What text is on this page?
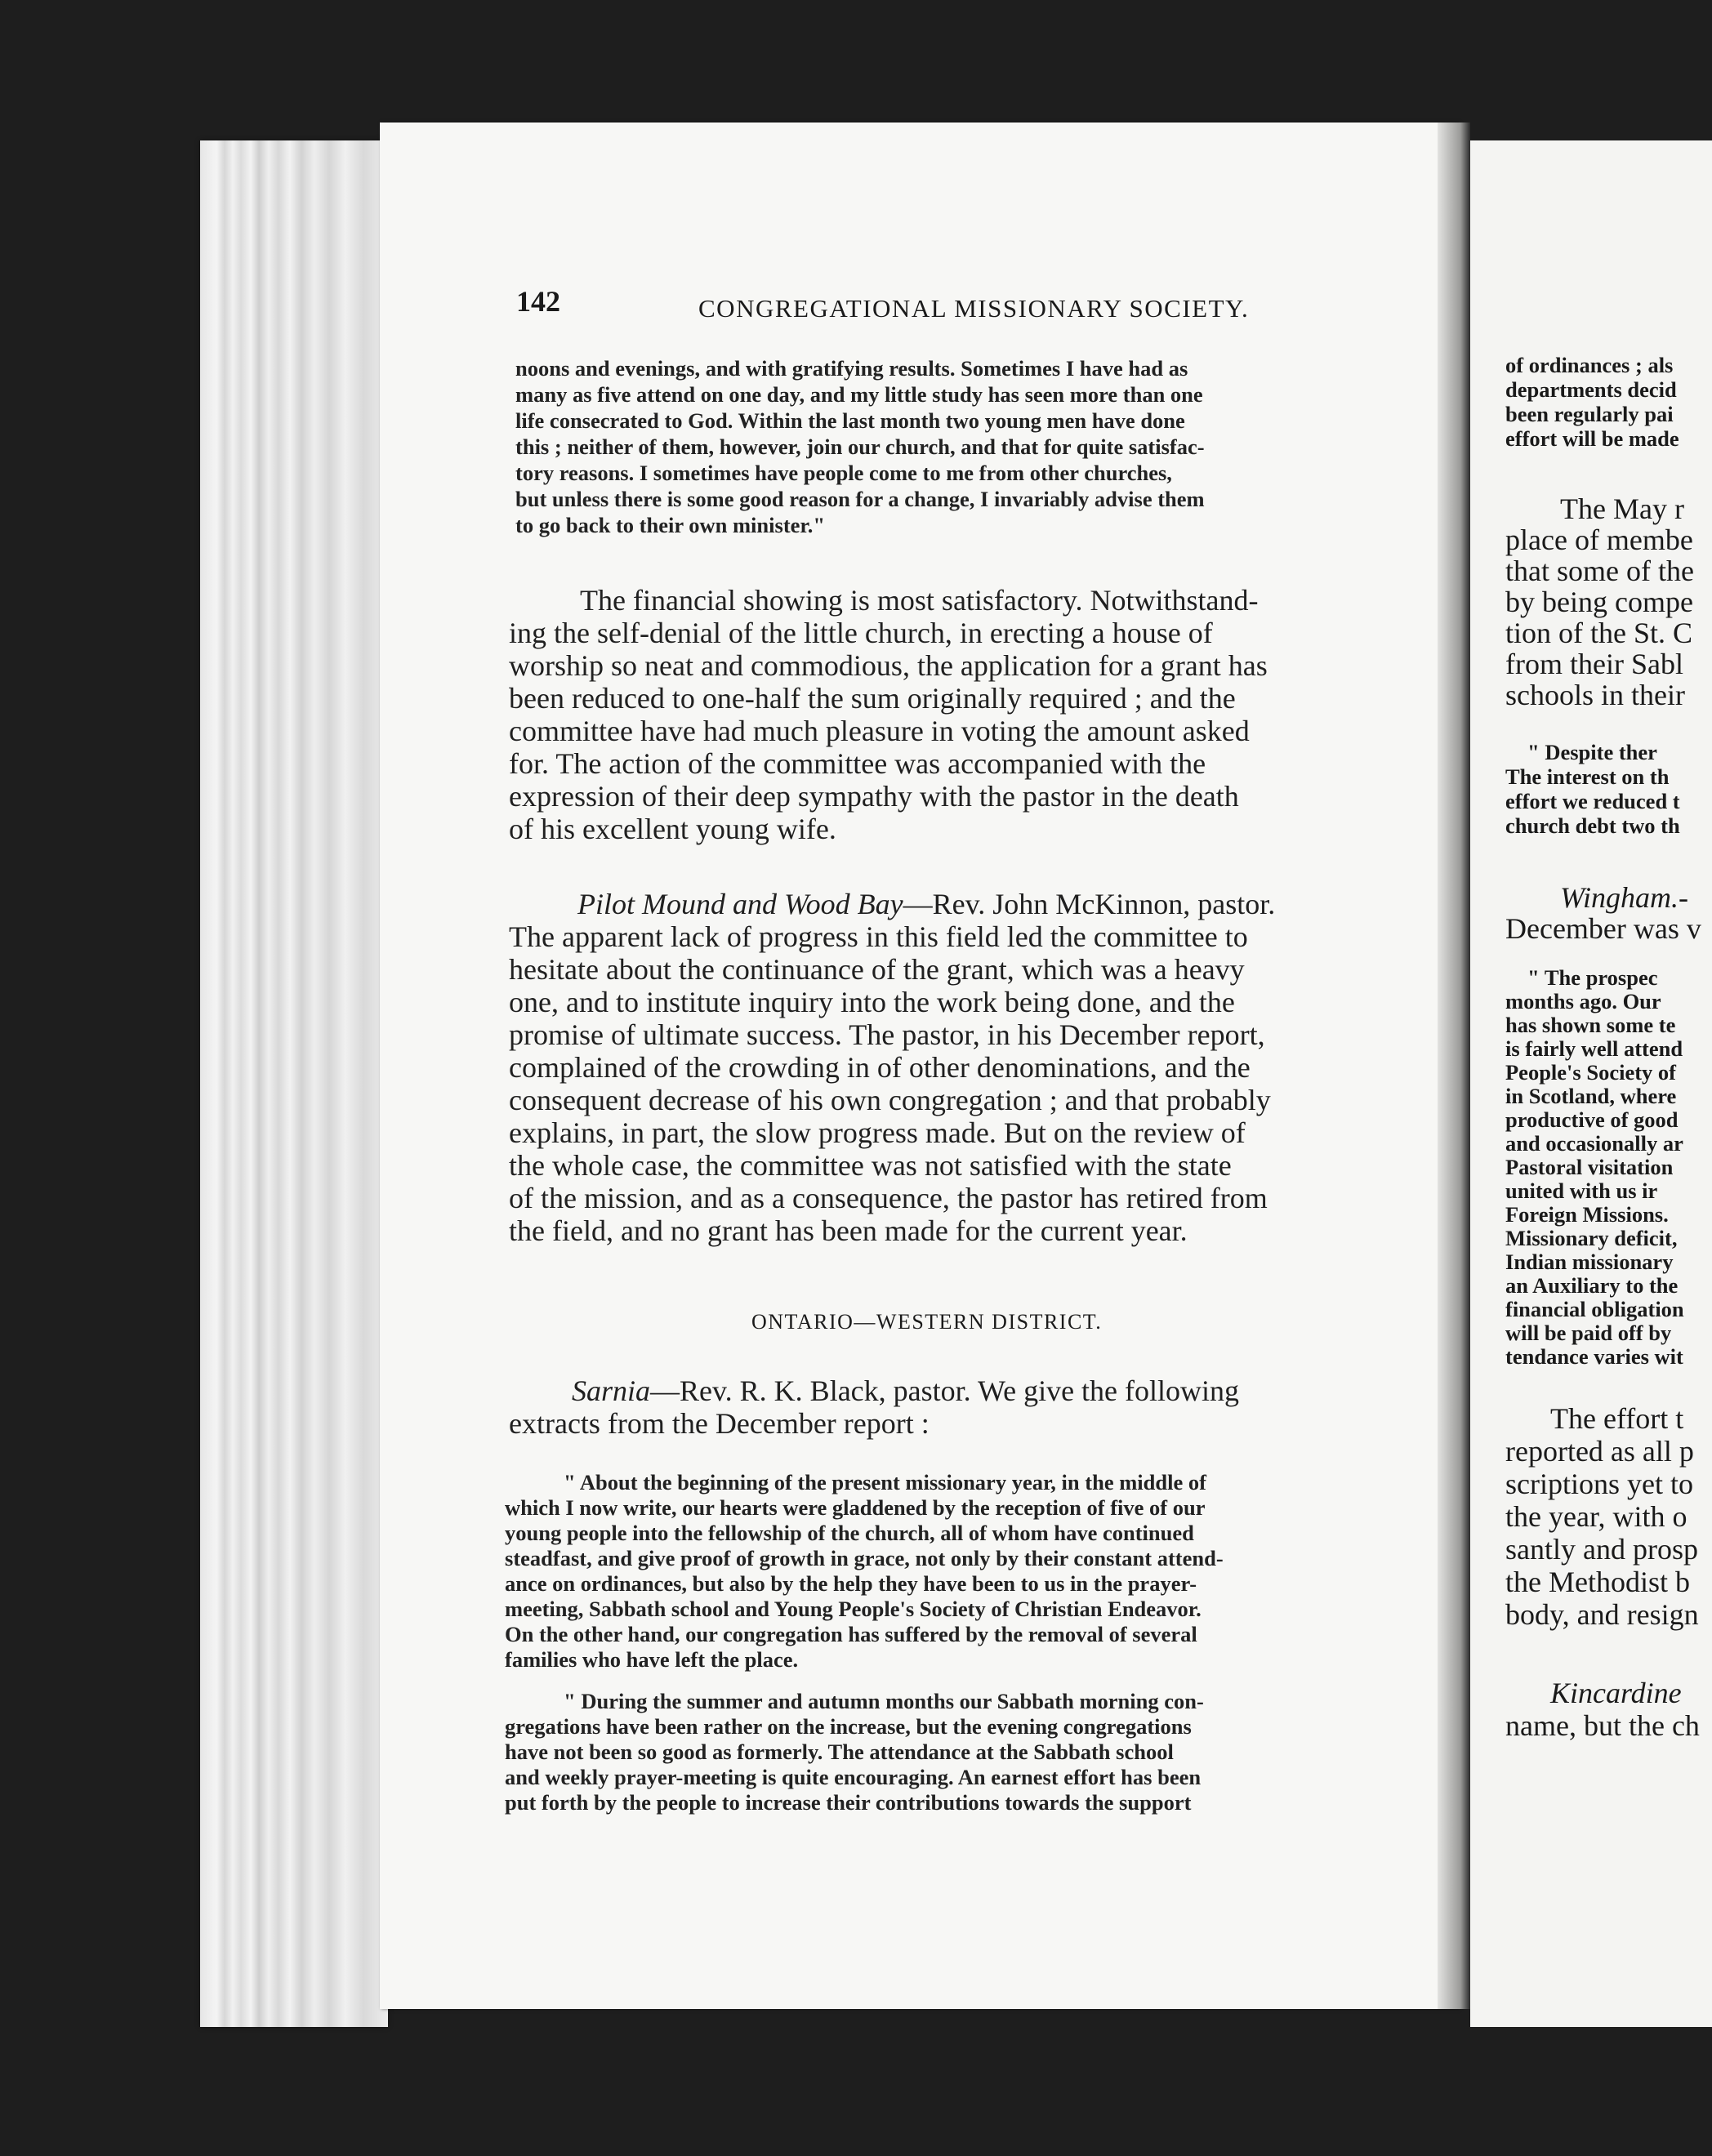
142	CONGREGATIONAL MISSIONARY SOCIETY.
noons and evenings, and with gratifying results. Sometimes I have had as
many as five attend on one day, and my little study has seen more than one
life consecrated to God. Within the last month two young men have done
this ; neither of them, however, join our church, and that for quite satisfac-
tory reasons. I sometimes have people come to me from other churches,
but unless there is some good reason for a change, I invariably advise them
to go back to their own minister."
The financial showing is most satisfactory. Notwithstand-
ing the self-denial of the little church, in erecting a house of
worship so neat and commodious, the application for a grant has
been reduced to one-half the sum originally required ; and the
committee have had much pleasure in voting the amount asked
for. The action of the committee was accompanied with the
expression of their deep sympathy with the pastor in the death
of his excellent young wife.
Pilot Mound and Wood Bay—Rev. John McKinnon, pastor.
The apparent lack of progress in this field led the committee to
hesitate about the continuance of the grant, which was a heavy
one, and to institute inquiry into the work being done, and the
promise of ultimate success. The pastor, in his December report,
complained of the crowding in of other denominations, and the
consequent decrease of his own congregation ; and that probably
explains, in part, the slow progress made. But on the review of
the whole case, the committee was not satisfied with the state
of the mission, and as a consequence, the pastor has retired from
the field, and no grant has been made for the current year.
ONTARIO—WESTERN DISTRICT.
Sarnia—Rev. R. K. Black, pastor. We give the following
extracts from the December report :
" About the beginning of the present missionary year, in the middle of
which I now write, our hearts were gladdened by the reception of five of our
young people into the fellowship of the church, all of whom have continued
steadfast, and give proof of growth in grace, not only by their constant attend-
ance on ordinances, but also by the help they have been to us in the prayer-
meeting, Sabbath school and Young People's Society of Christian Endeavor.
On the other hand, our congregation has suffered by the removal of several
families who have left the place.
" During the summer and autumn months our Sabbath morning con-
gregations have been rather on the increase, but the evening congregations
have not been so good as formerly. The attendance at the Sabbath school
and weekly prayer-meeting is quite encouraging. An earnest effort has been
put forth by the people to increase their contributions towards the support
of ordinances ; als
departments decid
been regularly pai
effort will be made
The May r
place of membe
that some of the
by being compe
tion of the St. C
from their Sabl
schools in their
" Despite ther
The interest on th
effort we reduced t
church debt two th
Wingham.-
December was v
" The prospec
months ago. Our
has shown some te
is fairly well attend
People's Society of
in Scotland, where
productive of good
and occasionally ar
Pastoral visitation
united with us ir
Foreign Missions.
Missionary deficit,
Indian missionary
an Auxiliary to the
financial obligation
will be paid off by
tendance varies wit
The effort t
reported as all p
scriptions yet to
the year, with o
santly and prosp
the Methodist b
body, and resign
Kincardine
name, but the ch
